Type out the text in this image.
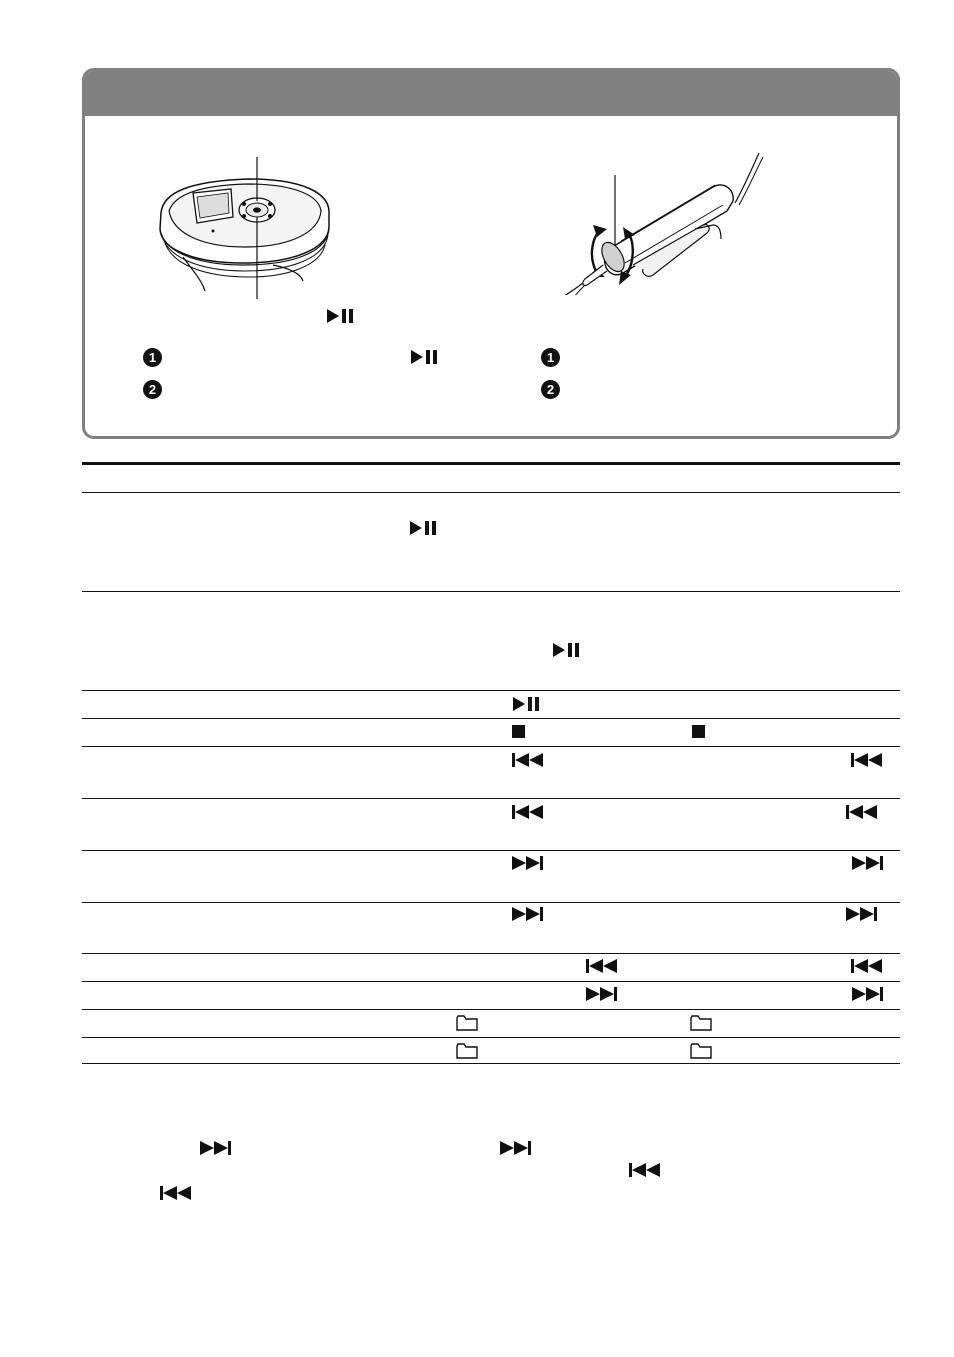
1
2
1
2
